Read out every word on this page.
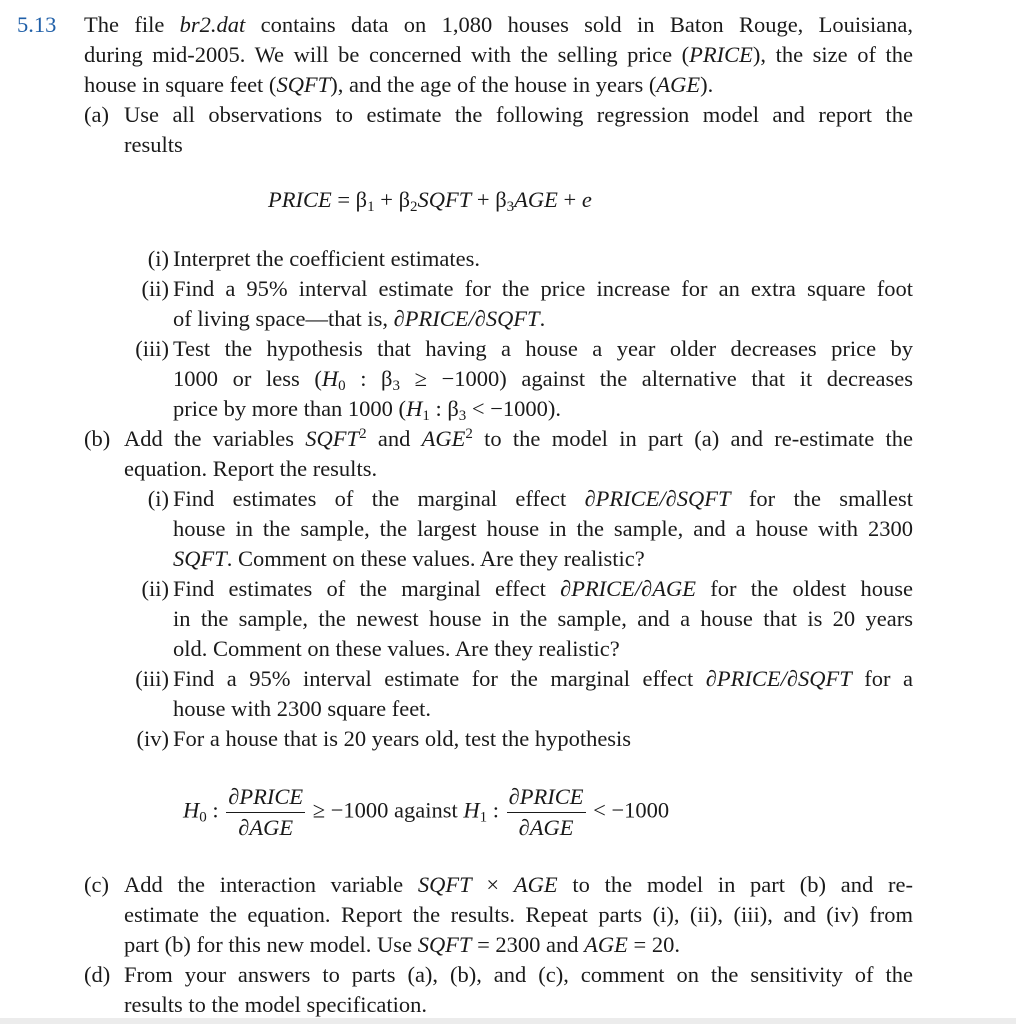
5.13 The file br2.dat contains data on 1,080 houses sold in Baton Rouge, Louisiana,
during mid-2005. We will be concerned with the selling price (PRICE), the size of the
house in square feet (SQFT), and the age of the house in years (AGE).
(a) Use all observations to estimate the following regression model and report the
results
PRICE = $\beta_1$ + $\beta_2SQFT + \beta_3AGE + e$
(i) Interpret the coefficient estimates.
(ii) Find a 95% interval estimate for the price increase for an extra square foot
of living space—that is, ∂PRICE/∂SQFT.
(iii) Test the hypothesis that having a house a year older decreases price by
1000 or less ($H_0$ : $\beta_3 \ge -1000$) against the alternative that it decreases
price by more than 1000 ($H_1$ : $\beta_3 < -1000$).
(b) Add the variables SQFT$^2$ and AGE$^2$ to the model in part (a) and re-estimate the
equation. Report the results.
(i) Find estimates of the marginal effect ∂PRICE/∂SQFT for the smallest
house in the sample, the largest house in the sample, and a house with 2300
SQFT. Comment on these values. Are they realistic?
(ii) Find estimates of the marginal effect ∂PRICE/∂AGE for the oldest house
in the sample, the newest house in the sample, and a house that is 20 years
old. Comment on these values. Are they realistic?
(iii) Find a 95% interval estimate for the marginal effect ∂PRICE/∂SQFT for a
house with 2300 square feet.
(iv) For a house that is 20 years old, test the hypothesis
$H_0$ :
∂PRICE
∂AGE
≥ −1000 against $H_1$ :
∂PRICE
∂AGE
< −1000
(c) Add the interaction variable SQFT × AGE to the model in part (b) and re-
estimate the equation. Report the results. Repeat parts (i), (ii), (iii), and (iv) from
part (b) for this new model. Use SQFT = 2300 and AGE = 20.
(d) From your answers to parts (a), (b), and (c), comment on the sensitivity of the
results to the model specification.
